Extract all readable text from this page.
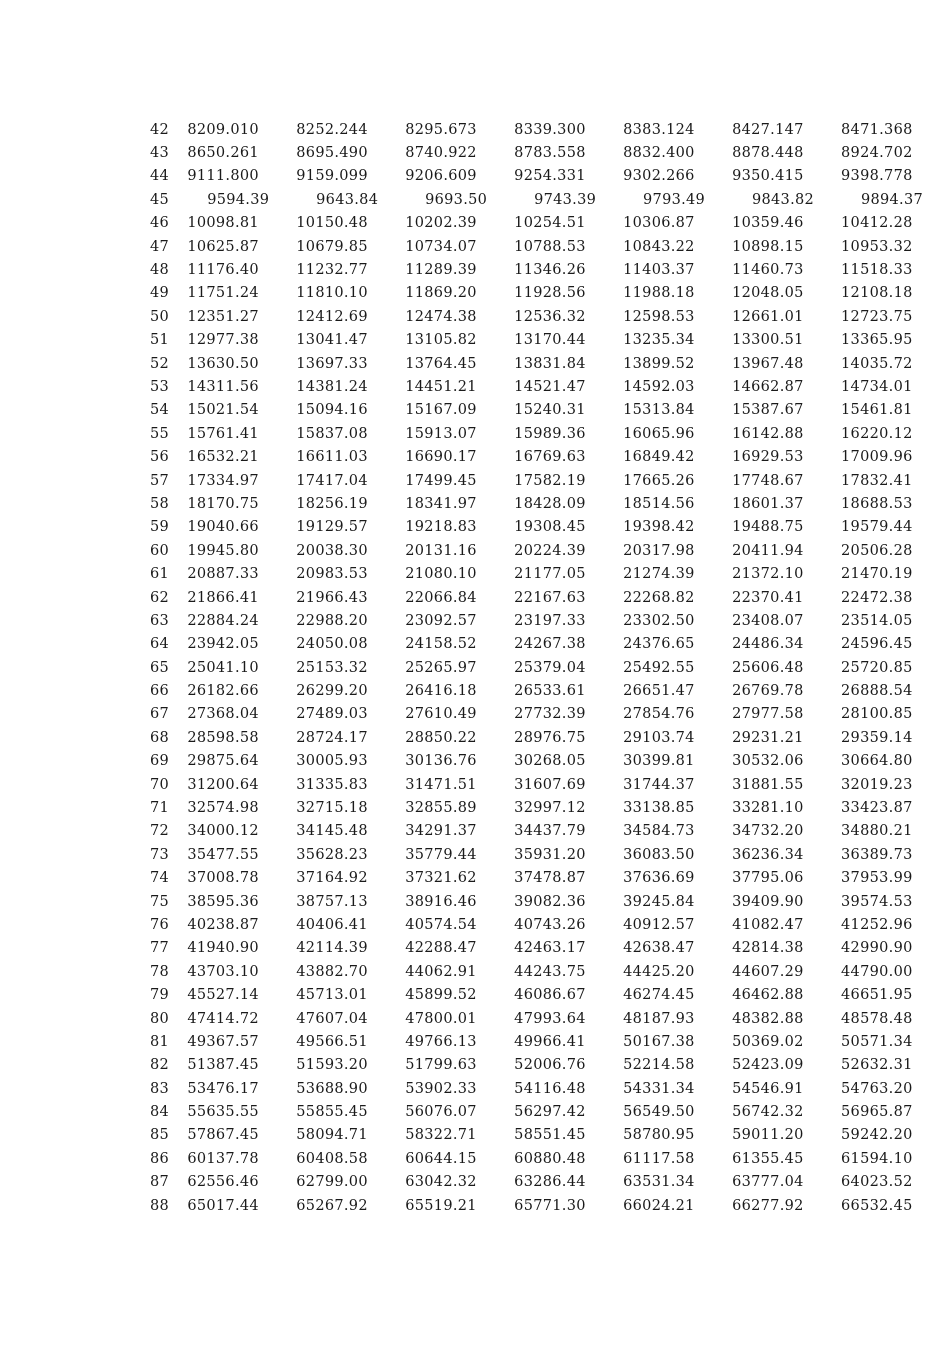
42	8209.010	8252.244	8295.673	8339.300	8383.124	8427.147	8471.368
43	8650.261	8695.490	8740.922	8783.558	8832.400	8878.448	8924.702
44	9111.800	9159.099	9206.609	9254.331	9302.266	9350.415	9398.778
45	9594.39	9643.84	9693.50	9743.39	9793.49	9843.82	9894.37
46	10098.81	10150.48	10202.39	10254.51	10306.87	10359.46	10412.28
47	10625.87	10679.85	10734.07	10788.53	10843.22	10898.15	10953.32
48	11176.40	11232.77	11289.39	11346.26	11403.37	11460.73	11518.33
49	11751.24	11810.10	11869.20	11928.56	11988.18	12048.05	12108.18
50	12351.27	12412.69	12474.38	12536.32	12598.53	12661.01	12723.75
51	12977.38	13041.47	13105.82	13170.44	13235.34	13300.51	13365.95
52	13630.50	13697.33	13764.45	13831.84	13899.52	13967.48	14035.72
53	14311.56	14381.24	14451.21	14521.47	14592.03	14662.87	14734.01
54	15021.54	15094.16	15167.09	15240.31	15313.84	15387.67	15461.81
55	15761.41	15837.08	15913.07	15989.36	16065.96	16142.88	16220.12
56	16532.21	16611.03	16690.17	16769.63	16849.42	16929.53	17009.96
57	17334.97	17417.04	17499.45	17582.19	17665.26	17748.67	17832.41
58	18170.75	18256.19	18341.97	18428.09	18514.56	18601.37	18688.53
59	19040.66	19129.57	19218.83	19308.45	19398.42	19488.75	19579.44
60	19945.80	20038.30	20131.16	20224.39	20317.98	20411.94	20506.28
61	20887.33	20983.53	21080.10	21177.05	21274.39	21372.10	21470.19
62	21866.41	21966.43	22066.84	22167.63	22268.82	22370.41	22472.38
63	22884.24	22988.20	23092.57	23197.33	23302.50	23408.07	23514.05
64	23942.05	24050.08	24158.52	24267.38	24376.65	24486.34	24596.45
65	25041.10	25153.32	25265.97	25379.04	25492.55	25606.48	25720.85
66	26182.66	26299.20	26416.18	26533.61	26651.47	26769.78	26888.54
67	27368.04	27489.03	27610.49	27732.39	27854.76	27977.58	28100.85
68	28598.58	28724.17	28850.22	28976.75	29103.74	29231.21	29359.14
69	29875.64	30005.93	30136.76	30268.05	30399.81	30532.06	30664.80
70	31200.64	31335.83	31471.51	31607.69	31744.37	31881.55	32019.23
71	32574.98	32715.18	32855.89	32997.12	33138.85	33281.10	33423.87
72	34000.12	34145.48	34291.37	34437.79	34584.73	34732.20	34880.21
73	35477.55	35628.23	35779.44	35931.20	36083.50	36236.34	36389.73
74	37008.78	37164.92	37321.62	37478.87	37636.69	37795.06	37953.99
75	38595.36	38757.13	38916.46	39082.36	39245.84	39409.90	39574.53
76	40238.87	40406.41	40574.54	40743.26	40912.57	41082.47	41252.96
77	41940.90	42114.39	42288.47	42463.17	42638.47	42814.38	42990.90
78	43703.10	43882.70	44062.91	44243.75	44425.20	44607.29	44790.00
79	45527.14	45713.01	45899.52	46086.67	46274.45	46462.88	46651.95
80	47414.72	47607.04	47800.01	47993.64	48187.93	48382.88	48578.48
81	49367.57	49566.51	49766.13	49966.41	50167.38	50369.02	50571.34
82	51387.45	51593.20	51799.63	52006.76	52214.58	52423.09	52632.31
83	53476.17	53688.90	53902.33	54116.48	54331.34	54546.91	54763.20
84	55635.55	55855.45	56076.07	56297.42	56549.50	56742.32	56965.87
85	57867.45	58094.71	58322.71	58551.45	58780.95	59011.20	59242.20
86	60137.78	60408.58	60644.15	60880.48	61117.58	61355.45	61594.10
87	62556.46	62799.00	63042.32	63286.44	63531.34	63777.04	64023.52
88	65017.44	65267.92	65519.21	65771.30	66024.21	66277.92	66532.45
